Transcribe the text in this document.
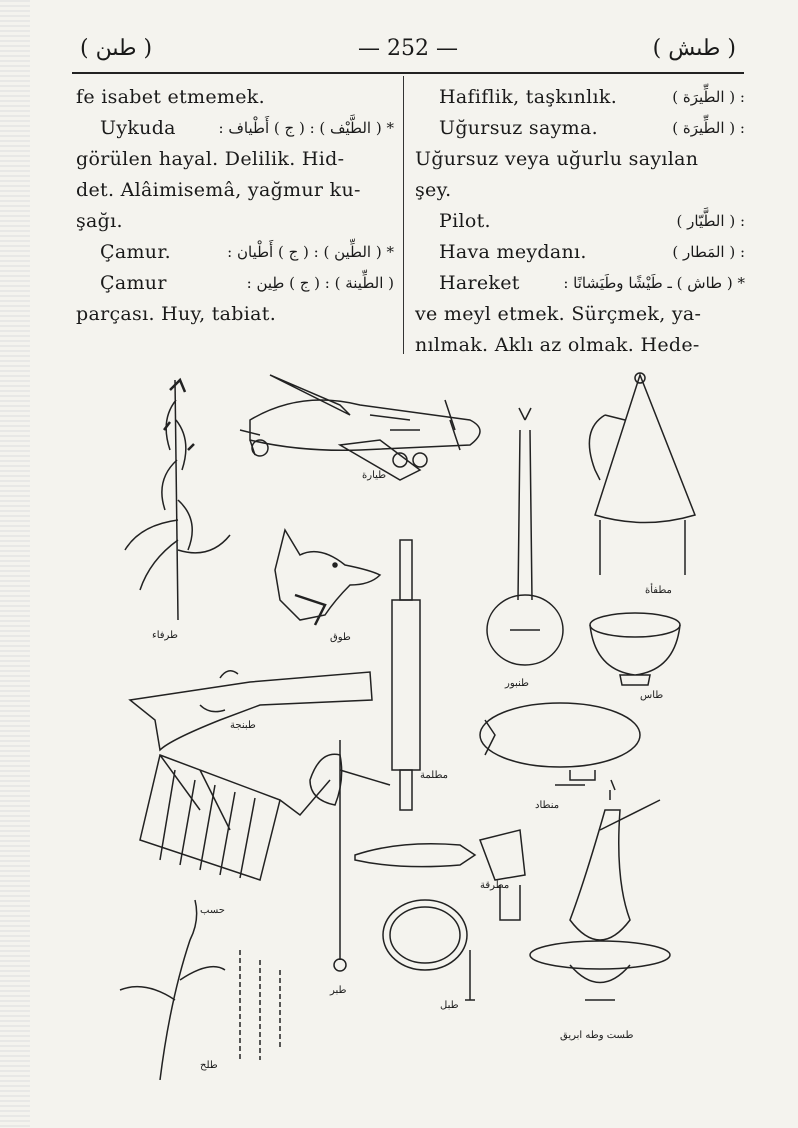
( طىن )	— 252 —	( طىش )
fe isabet etmemek.
Uykuda	* ( الطَّيْف ) : ( ج ) أَطْياف :
görülen hayal. Delilik. Hid-
det. Alâimisemâ, yağmur ku-
şağı.
Çamur.	* ( الطِّين ) : ( ج ) أَطْيان :
Çamur	( الطِّينة ) : ( ج ) طِين :
parçası. Huy, tabiat.
Hafiflik, taşkınlık.	: ( الطِّيرَة )
Uğursuz sayma.	: ( الطِّيرَة )
Uğursuz veya uğurlu sayılan
şey.
Pilot.	: ( الطَّيّار )
Hava meydanı.	: ( المَطار )
Hareket	* ( طاش ) ـ طَيْشًا وطَيَشانًا :
ve meyl etmek. Sürçmek, ya-
nılmak. Aklı az olmak. Hede-
طرفاء
طيارة
طوق
طبنجة
حسب
طنبور
مطلمة
مطفأة
طاس
منطاد
طبر
مطرقة
طبل
طلح
طست وطه ابريق
